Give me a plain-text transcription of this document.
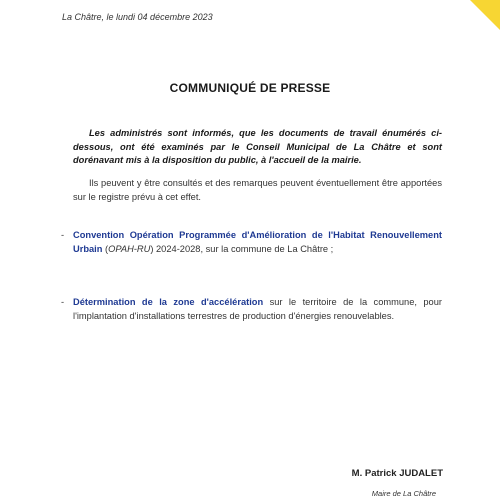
La Châtre, le lundi 04 décembre 2023
COMMUNIQUÉ DE PRESSE
Les administrés sont informés, que les documents de travail énumérés ci-dessous, ont été examinés par le Conseil Municipal de La Châtre et sont dorénavant mis à la disposition du public, à l'accueil de la mairie.
Ils peuvent y être consultés et des remarques peuvent éventuellement être apportées sur le registre prévu à cet effet.
- Convention Opération Programmée d'Amélioration de l'Habitat Renouvellement Urbain (OPAH-RU) 2024-2028, sur la commune de La Châtre ;
- Détermination de la zone d'accélération sur le territoire de la commune, pour l'implantation d'installations terrestres de production d'énergies renouvelables.
M. Patrick JUDALET
Maire de La Châtre
